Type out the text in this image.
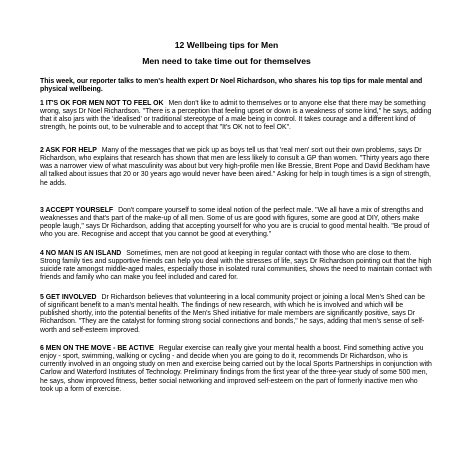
12 Wellbeing tips for Men
Men need to take time out for themselves

This week, our reporter talks to men's health expert Dr Noel Richardson, who shares his top tips for male mental and physical wellbeing.

1 IT'S OK FOR MEN NOT TO FEEL OK Men don't like to admit to themselves or to anyone else that there may be something wrong, says Dr Noel Richardson. "There is a perception that feeling upset or down is a weakness of some kind," he says, adding that it also jars with the 'idealised' or traditional stereotype of a male being in control. It takes courage and a different kind of strength, he points out, to be vulnerable and to accept that "It's OK not to feel OK".

2 ASK FOR HELP Many of the messages that we pick up as boys tell us that 'real men' sort out their own problems, says Dr Richardson, who explains that research has shown that men are less likely to consult a GP than women. "Thirty years ago there was a narrower view of what masculinity was about but very high-profile men like Bressie, Brent Pope and David Beckham have all talked about issues that 20 or 30 years ago would never have been aired." Asking for help in tough times is a sign of strength, he adds.

3 ACCEPT YOURSELF Don't compare yourself to some ideal notion of the perfect male. "We all have a mix of strengths and weaknesses and that's part of the make-up of all men. Some of us are good with figures, some are good at DIY, others make people laugh," says Dr Richardson, adding that accepting yourself for who you are is crucial to good mental health. "Be proud of who you are. Recognise and accept that you cannot be good at everything."

4 NO MAN IS AN ISLAND Sometimes, men are not good at keeping in regular contact with those who are close to them. Strong family ties and supportive friends can help you deal with the stresses of life, says Dr Richardson pointing out that the high suicide rate amongst middle-aged males, especially those in isolated rural communities, shows the need to maintain contact with friends and family who can make you feel included and cared for.

5 GET INVOLVED Dr Richardson believes that volunteering in a local community project or joining a local Men's Shed can be of significant benefit to a man's mental health. The findings of new research, with which he is involved and which will be published shortly, into the potential benefits of the Men's Shed initiative for male members are significantly positive, says Dr Richardson. "They are the catalyst for forming strong social connections and bonds," he says, adding that men's sense of self-worth and self-esteem improved.

6 MEN ON THE MOVE - BE ACTIVE Regular exercise can really give your mental health a boost. Find something active you enjoy - sport, swimming, walking or cycling - and decide when you are going to do it, recommends Dr Richardson, who is currently involved in an ongoing study on men and exercise being carried out by the local Sports Partnerships in conjunction with Carlow and Waterford Institutes of Technology. Preliminary findings from the first year of the three-year study of some 500 men, he says, show improved fitness, better social networking and improved self-esteem on the part of formerly inactive men who took up a form of exercise.
